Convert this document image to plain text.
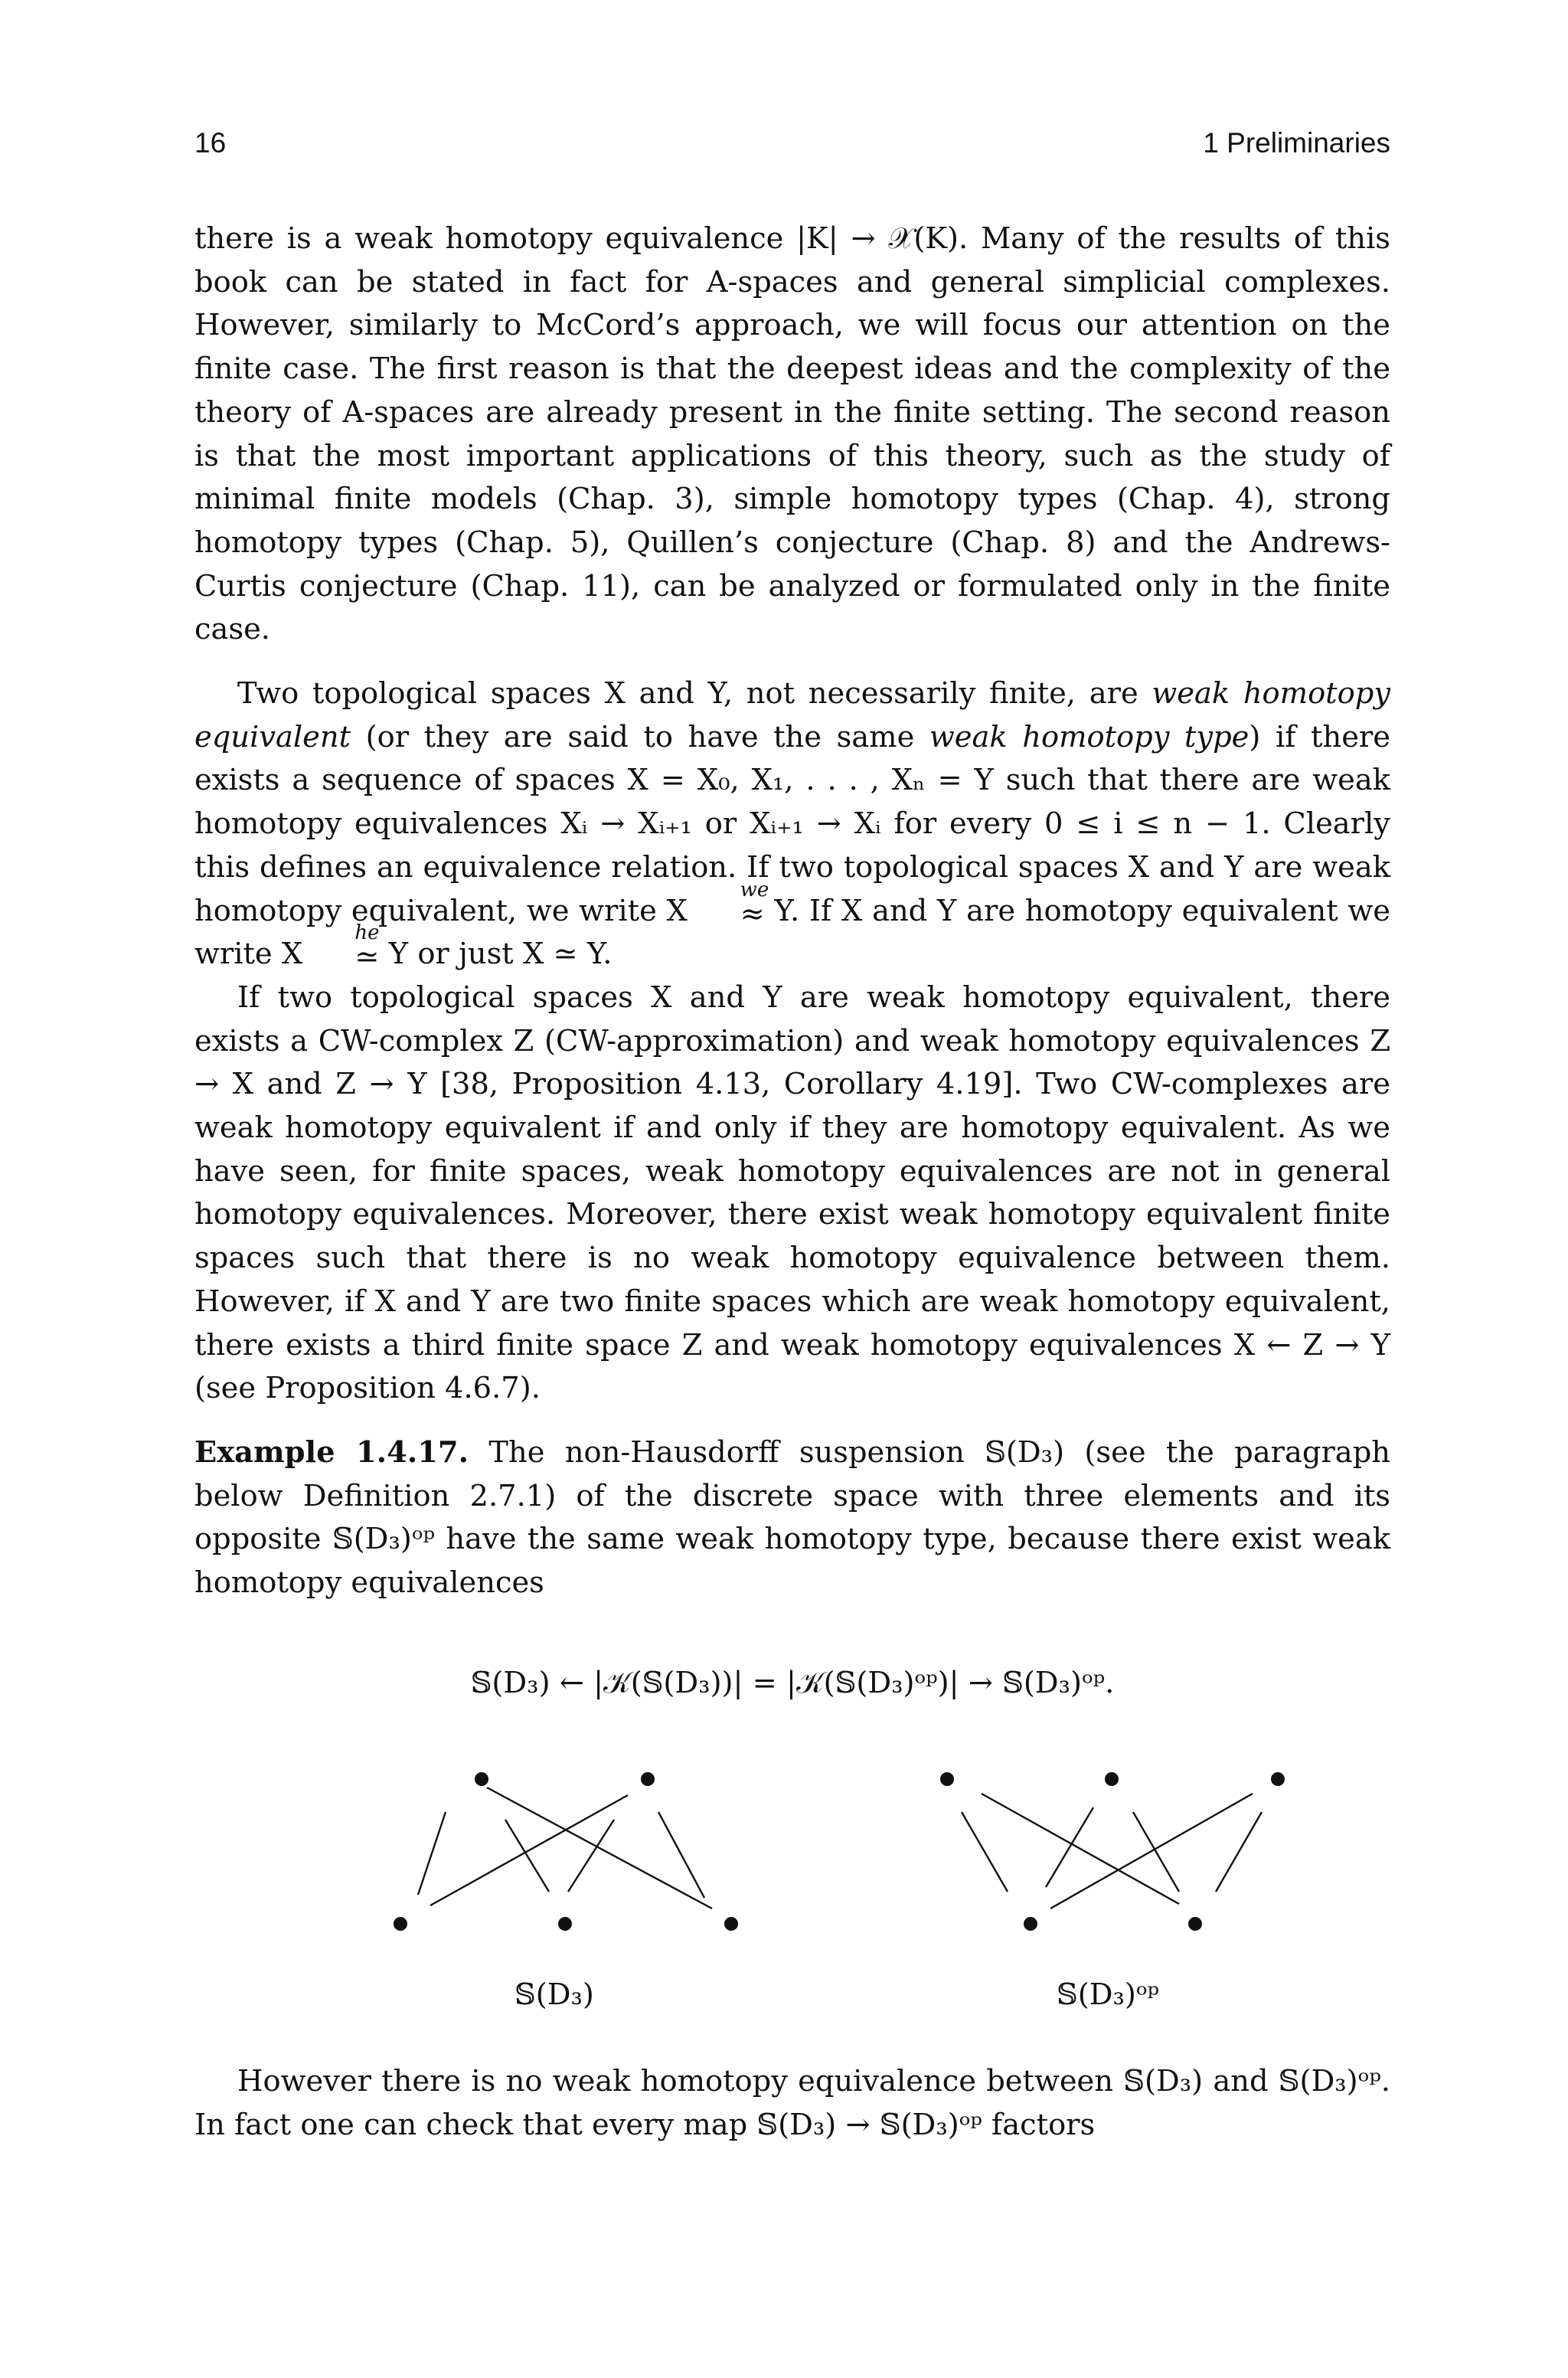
16	1 Preliminaries

there is a weak homotopy equivalence |K| → 𝒳(K). Many of the results of this book can be stated in fact for A-spaces and general simplicial complexes. However, similarly to McCord’s approach, we will focus our attention on the finite case. The first reason is that the deepest ideas and the complexity of the theory of A-spaces are already present in the finite setting. The second reason is that the most important applications of this theory, such as the study of minimal finite models (Chap. 3), simple homotopy types (Chap. 4), strong homotopy types (Chap. 5), Quillen’s conjecture (Chap. 8) and the Andrews-Curtis conjecture (Chap. 11), can be analyzed or formulated only in the finite case.

Two topological spaces X and Y, not necessarily finite, are weak homotopy equivalent (or they are said to have the same weak homotopy type) if there exists a sequence of spaces X = X₀, X₁, . . . , Xₙ = Y such that there are weak homotopy equivalences Xᵢ → Xᵢ₊₁ or Xᵢ₊₁ → Xᵢ for every 0 ≤ i ≤ n − 1. Clearly this defines an equivalence relation. If two topological spaces X and Y are weak homotopy equivalent, we write X
we
≈ Y. If X and Y are homotopy equivalent we write X
he
≃ Y or just X ≃ Y.

If two topological spaces X and Y are weak homotopy equivalent, there exists a CW-complex Z (CW-approximation) and weak homotopy equivalences Z → X and Z → Y [38, Proposition 4.13, Corollary 4.19]. Two CW-complexes are weak homotopy equivalent if and only if they are homotopy equivalent. As we have seen, for finite spaces, weak homotopy equivalences are not in general homotopy equivalences. Moreover, there exist weak homotopy equivalent finite spaces such that there is no weak homotopy equivalence between them. However, if X and Y are two finite spaces which are weak homotopy equivalent, there exists a third finite space Z and weak homotopy equivalences X ← Z → Y (see Proposition 4.6.7).

Example 1.4.17. The non-Hausdorff suspension 𝕊(D₃) (see the paragraph below Definition 2.7.1) of the discrete space with three elements and its opposite 𝕊(D₃)ᵒᵖ have the same weak homotopy type, because there exist weak homotopy equivalences

𝕊(D₃) ← |𝒦(𝕊(D₃))| = |𝒦(𝕊(D₃)ᵒᵖ)| → 𝕊(D₃)ᵒᵖ.
𝕊(D₃)	𝕊(D₃)ᵒᵖ

However there is no weak homotopy equivalence between 𝕊(D₃) and 𝕊(D₃)ᵒᵖ. In fact one can check that every map 𝕊(D₃) → 𝕊(D₃)ᵒᵖ factors
